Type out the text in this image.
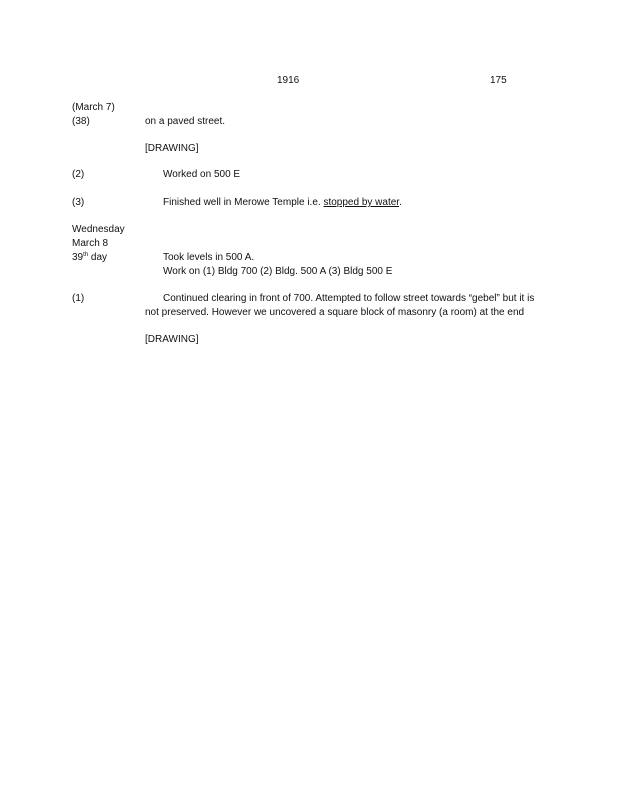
1916	175
(March 7)
(38)	on a paved street.
[DRAWING]
(2)	Worked on 500 E
(3)	Finished well in Merowe Temple i.e. stopped by water.
Wednesday
March 8
39th day	Took levels in 500 A.
Work on (1) Bldg 700 (2) Bldg. 500 A (3) Bldg 500 E
(1)	Continued clearing in front of 700. Attempted to follow street towards “gebel” but it is not preserved. However we uncovered a square block of masonry (a room) at the end
[DRAWING]
